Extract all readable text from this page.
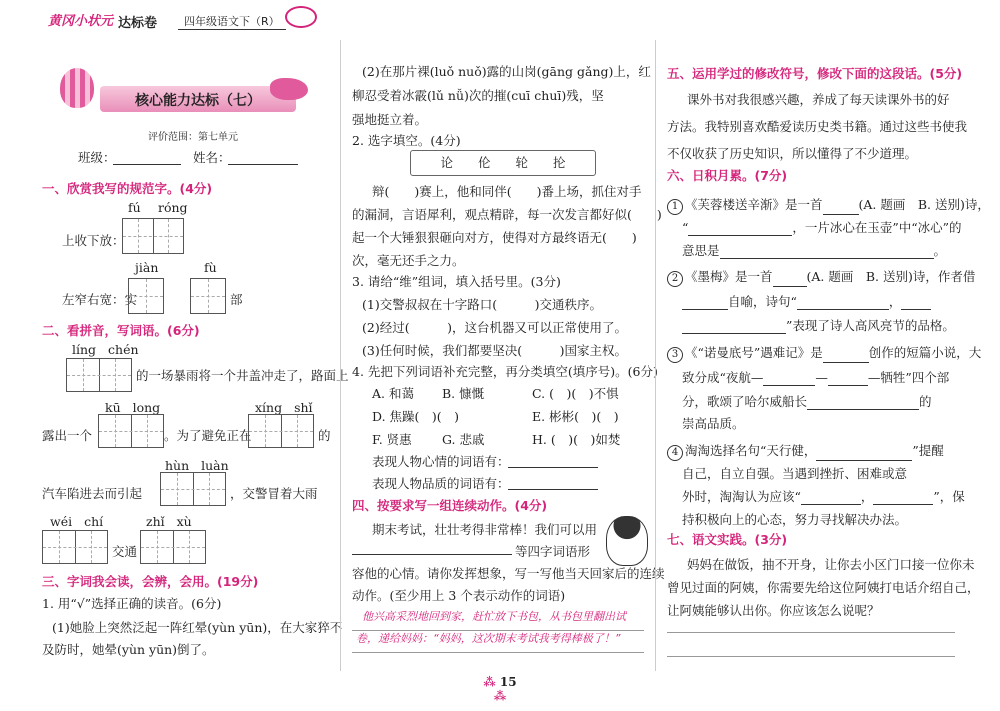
黄冈小状元 达标卷	四年级语文下（R）
核心能力达标（七）
评价范围：第七单元
班级：	姓名：
一、欣赏我写的规范字。(4分)
fú róng
上收下放：
jiàn	fù
左窄右宽：实	部
二、看拼音，写词语。(6分)
líng chén
的一场暴雨将一个井盖冲走了，路面上
kū long	xíng shǐ
露出一个	。为了避免正在	的
hùn luàn
汽车陷进去而引起	，交警冒着大雨
wéi chí	zhǐ xù
交通
三、字词我会读，会辨，会用。(19分)
1. 用“√”选择正确的读音。(6分)
(1)她脸上突然泛起一阵红晕(yùn yūn)，在大家猝不
及防时，她晕(yùn yūn)倒了。
(2)在那片裸(luǒ nuǒ)露的山岗(gāng gǎng)上，红
柳忍受着冰霰(lǔ nǚ)次的摧(cuī chuī)残，坚
强地挺立着。
2. 选字填空。(4分)
论　　伦　　轮　　抡
辩(　　)赛上，他和同伴(　　)番上场，抓住对手
的漏洞，言语犀利，观点精辟，每一次发言都好似(　　)
起一个大锤狠狠砸向对方，使得对方最终语无(　　)
次，毫无还手之力。
3. 请给“维”组词，填入括号里。(3分)
(1)交警叔叔在十字路口(　　　)交通秩序。
(2)经过(　　　)，这台机器又可以正常使用了。
(3)任何时候，我们都要坚决(　　　)国家主权。
4. 先把下列词语补充完整，再分类填空(填序号)。(6分)
A. 和蔼 B. 慷慨	C. (　)(　)不惧
D. 焦躁(　)(　)	E. 彬彬(　)(　)
F. 贤惠 G. 悲戚	H. (　)(　)如焚
表现人物心情的词语有：
表现人物品质的词语有：
四、按要求写一组连续动作。(4分)
期末考试，壮壮考得非常棒！我们可以用
等四字词语形
容他的心情。请你发挥想象，写一写他当天回家后的连续
动作。(至少用上 3 个表示动作的词语)
他兴高采烈地回到家，赶忙放下书包，从书包里翻出试
卷，递给妈妈：“妈妈，这次期末考试我考得棒极了！”
五、运用学过的修改符号，修改下面的这段话。(5分)
课外书对我很感兴趣，养成了每天读课外书的好
方法。我特别喜欢酷爱读历史类书籍。通过这些书使我
不仅收获了历史知识，所以懂得了不少道理。
六、日积月累。(7分)
1 《芙蓉楼送辛渐》是一首	(A. 题画　B. 送别)诗，
“	，一片冰心在玉壶”中“冰心”的
意思是	。
2 《墨梅》是一首	(A. 题画　B. 送别)诗，作者借
自喻，诗句“	，
”表现了诗人高风亮节的品格。
3 《“诺曼底号”遇难记》是	创作的短篇小说，大
致分成“夜航—	—	—牺牲”四个部
分，歌颂了哈尔威船长	的
崇高品质。
4 淘淘选择名句“天行健，	”提醒
自己，自立自强。当遇到挫折、困难或意
外时，淘淘认为应该“	，	”，保
持积极向上的心态，努力寻找解决办法。
七、语文实践。(3分)
妈妈在做饭，抽不开身，让你去小区门口接一位你未
曾见过面的阿姨，你需要先给这位阿姨打电话介绍自己，
让阿姨能够认出你。你应该怎么说呢？
⁂ 15 ⁂
